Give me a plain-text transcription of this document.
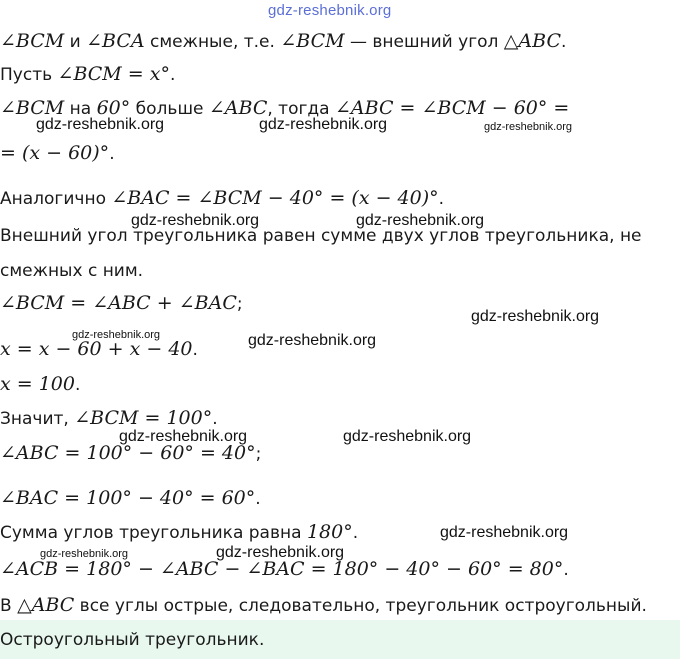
gdz-reshebnik.org
∠BCM и ∠BCA смежные, т.е. ∠BCM — внешний угол △ABC.
Пусть ∠BCM = x°.
∠BCM на 60° больше ∠ABC, тогда ∠ABC = ∠BCM − 60° =
= (x − 60)°.
Аналогично ∠BAC = ∠BCM − 40° = (x − 40)°.
Внешний угол треугольника равен сумме двух углов треугольника, не
смежных с ним.
∠BCM = ∠ABC + ∠BAC;
x = x − 60 + x − 40.
x = 100.
Значит, ∠BCM = 100°.
∠ABC = 100° − 60° = 40°;
∠BAC = 100° − 40° = 60°.
Сумма углов треугольника равна 180°.
∠ACB = 180° − ∠ABC − ∠BAC = 180° − 40° − 60° = 80°.
В △ABC все углы острые, следовательно, треугольник остроугольный.
gdz-reshebnik.org	gdz-reshebnik.org	gdz-reshebnik.org
gdz-reshebnik.org	gdz-reshebnik.org
gdz-reshebnik.org
gdz-reshebnik.org	gdz-reshebnik.org
gdz-reshebnik.org	gdz-reshebnik.org
gdz-reshebnik.org
gdz-reshebnik.org	gdz-reshebnik.org
Остроугольный треугольник.
